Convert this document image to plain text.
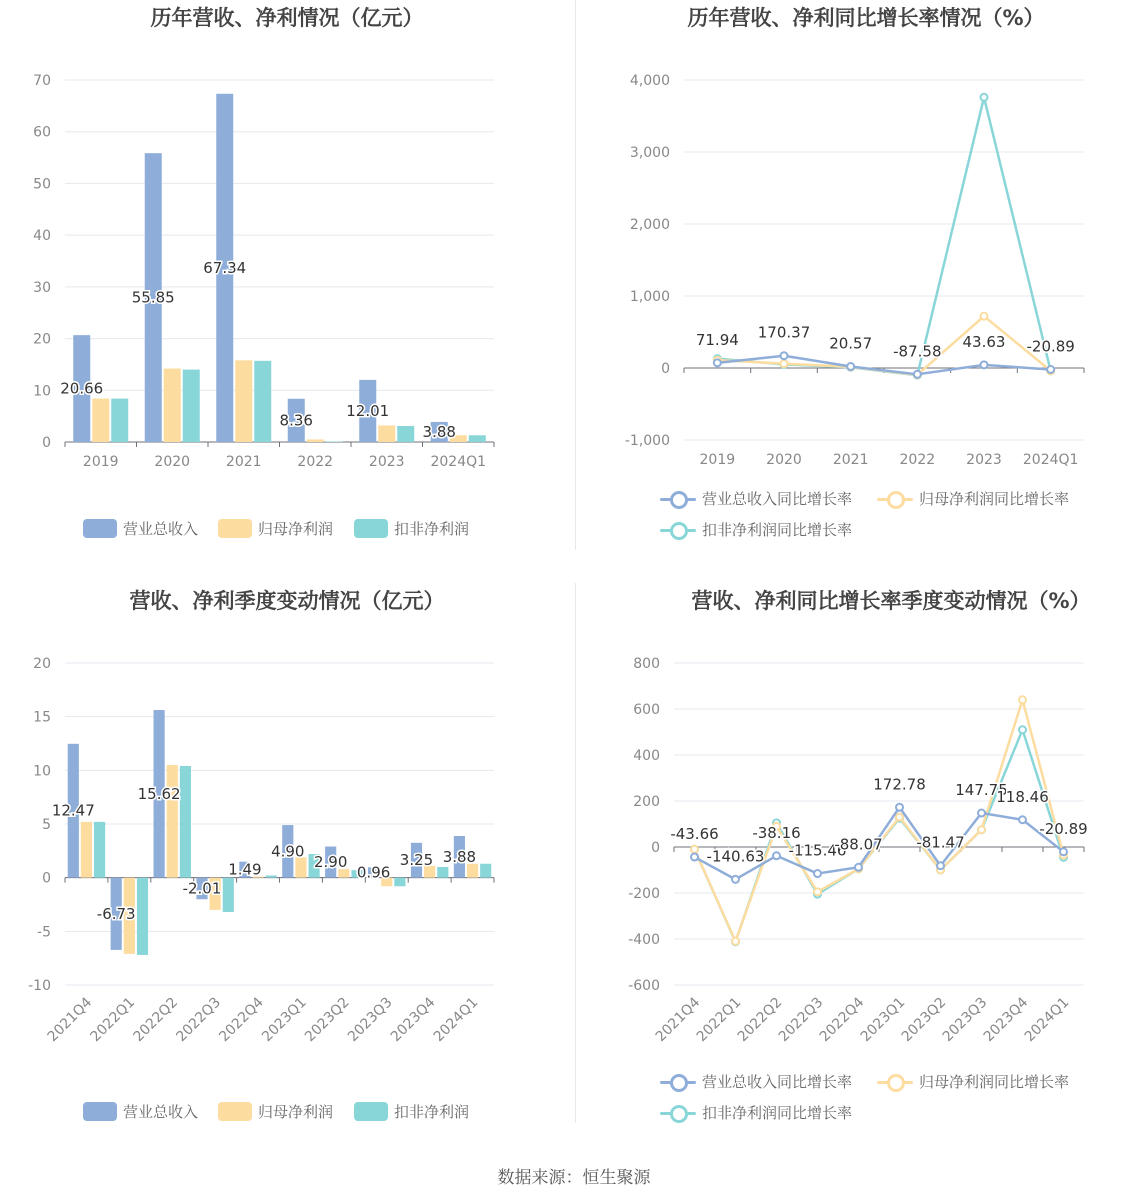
历年营收、净利情况（亿元）
0
10
20
30
40
50
60
70
2019	2020	2021	2022	2023 2024Q1
20.66
55.85
67.34
8.36
12.01
3.88
营业总收入	归母净利润	扣非净利润
历年营收、净利同比增长率情况（%）
-1,000
0
1,000
2,000
3,000
4,000
2019 2020 2021 2022 2023 2024Q1
71.94 170.37
20.57 -87.58
43.63 -20.89
营业总收入同比增长率	归母净利润同比增长率
扣非净利润同比增长率
营收、净利季度变动情况（亿元）
-10
-5
0
5
10
15
20
2021Q4
2022Q1
2022Q2
2022Q3
2022Q4
2023Q1
2023Q2
2023Q3
2023Q4
2024Q1
12.47
-6.73
15.62
-2.01
1.49
4.90
2.90
0.96
3.25 3.88
营业总收入	归母净利润	扣非净利润
营收、净利同比增长率季度变动情况（%）
-600
-400
-200
0
200
400
600
800
2021Q4
2022Q1
2022Q2
2022Q3
2022Q4
2023Q1
2023Q2
2023Q3
2023Q4
2024Q1
-43.66
-140.63
-38.16
-115.46
-88.07
172.78
-81.47
147.75
118.46
-20.89
营业总收入同比增长率	归母净利润同比增长率
扣非净利润同比增长率
数据来源：恒生聚源
